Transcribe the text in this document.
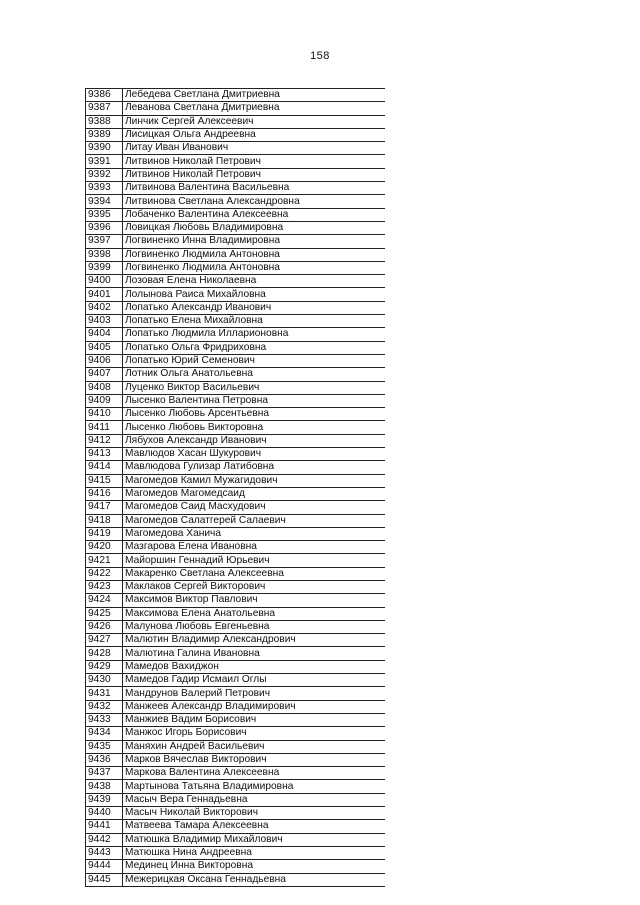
158
9386	Лебедева Светлана Дмитриевна
9387	Леванова Светлана Дмитриевна
9388	Линчик Сергей Алексеевич
9389	Лисицкая Ольга Андреевна
9390	Литау Иван Иванович
9391	Литвинов Николай Петрович
9392	Литвинов Николай Петрович
9393	Литвинова Валентина Васильевна
9394	Литвинова Светлана Александровна
9395	Лобаченко Валентина Алексеевна
9396	Ловицкая Любовь Владимировна
9397	Логвиненко Инна Владимировна
9398	Логвиненко Людмила Антоновна
9399	Логвиненко Людмила Антоновна
9400	Лозовая Елена Николаевна
9401	Лолынова Раиса Михайловна
9402	Лопатько Александр Иванович
9403	Лопатько Елена Михайловна
9404	Лопатько Людмила Илларионовна
9405	Лопатько Ольга Фридриховна
9406	Лопатько Юрий Семенович
9407	Лотник Ольга Анатольевна
9408	Луценко Виктор Васильевич
9409	Лысенко Валентина Петровна
9410	Лысенко Любовь Арсентьевна
9411	Лысенко Любовь Викторовна
9412	Лябухов Александр Иванович
9413	Мавлюдов Хасан Шукурович
9414	Мавлюдова Гулизар Латибовна
9415	Магомедов Камил Мужагидович
9416	Магомедов Магомедсаид
9417	Магомедов Саид Масхудович
9418	Магомедов Салатгерей Салаевич
9419	Магомедова Ханича
9420	Мазгарова Елена Ивановна
9421	Майоршин Геннадий Юрьевич
9422	Макаренко Светлана Алексеевна
9423	Маклаков Сергей Викторович
9424	Максимов Виктор Павлович
9425	Максимова Елена Анатольевна
9426	Малунова Любовь Евгеньевна
9427	Малютин Владимир Александрович
9428	Малютина Галина Ивановна
9429	Мамедов Вахиджон
9430	Мамедов Гадир Исмаил Оглы
9431	Мандрунов Валерий Петрович
9432	Манжеев Александр Владимирович
9433	Манжиев Вадим Борисович
9434	Манжос Игорь Борисович
9435	Маняхин Андрей Васильевич
9436	Марков Вячеслав Викторович
9437	Маркова Валентина Алексеевна
9438	Мартынова Татьяна Владимировна
9439	Масыч Вера Геннадьевна
9440	Масыч Николай Викторович
9441	Матвеева Тамара Алексеевна
9442	Матюшка Владимир Михайлович
9443	Матюшка Нина Андреевна
9444	Мединец Инна Викторовна
9445	Межерицкая Оксана Геннадьевна
